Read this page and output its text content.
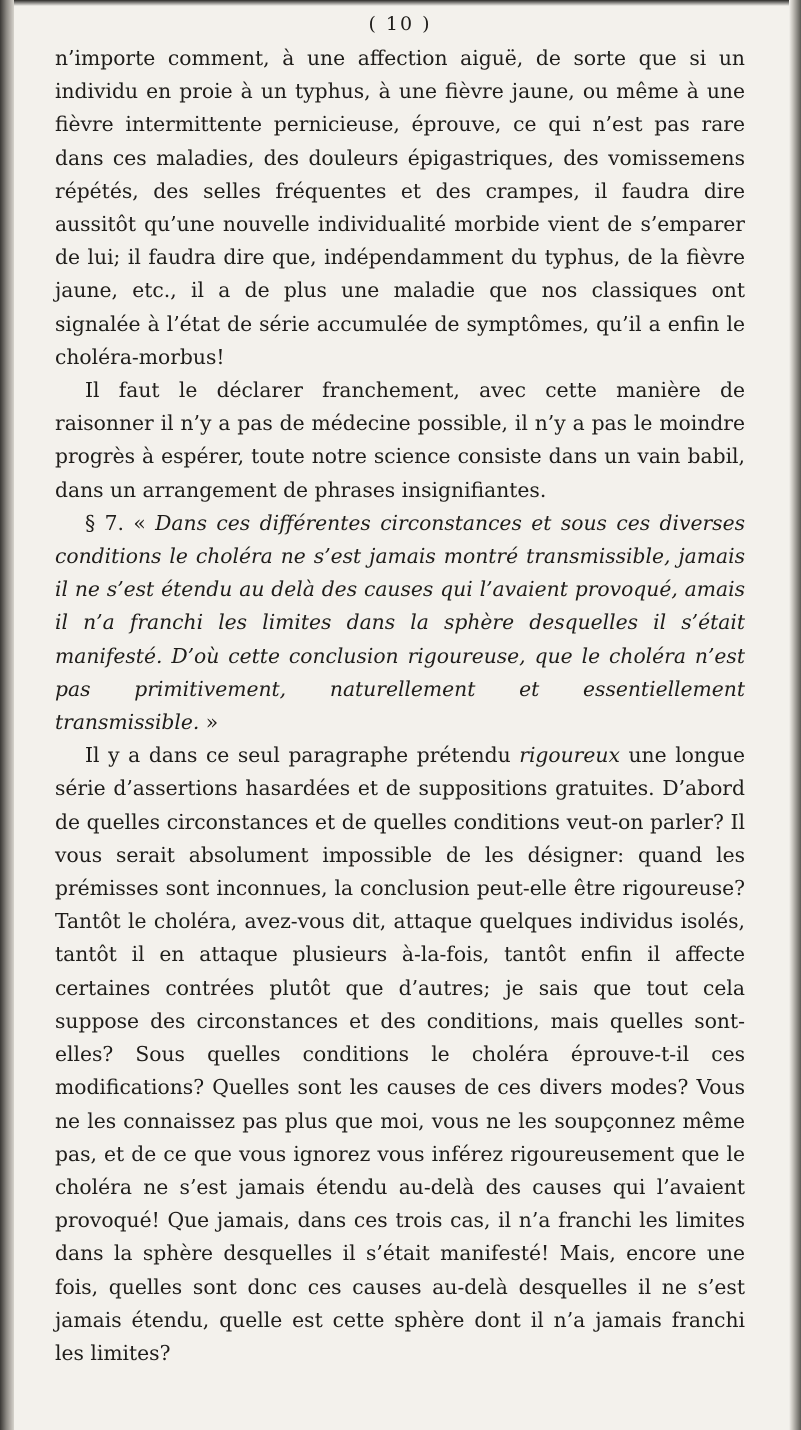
( 10 )

n’importe comment, à une affection aiguë, de sorte que si un individu en proie à un typhus, à une fièvre jaune, ou même à une fièvre intermittente pernicieuse, éprouve, ce qui n’est pas rare dans ces maladies, des douleurs épigastriques, des vomissemens répétés, des selles fréquentes et des crampes, il faudra dire aussitôt qu’une nouvelle individualité morbide vient de s’emparer de lui; il faudra dire que, indépendamment du typhus, de la fièvre jaune, etc., il a de plus une maladie que nos classiques ont signalée à l’état de série accumulée de symptômes, qu’il a enfin le choléra-morbus!

Il faut le déclarer franchement, avec cette manière de raisonner il n’y a pas de médecine possible, il n’y a pas le moindre progrès à espérer, toute notre science consiste dans un vain babil, dans un arrangement de phrases insignifiantes.

§ 7. « Dans ces différentes circonstances et sous ces diverses conditions le choléra ne s’est jamais montré transmissible, jamais il ne s’est étendu au delà des causes qui l’avaient provoqué, amais il n’a franchi les limites dans la sphère desquelles il s’était manifesté. D’où cette conclusion rigoureuse, que le choléra n’est pas primitivement, naturellement et essentiellement transmissible. »

Il y a dans ce seul paragraphe prétendu rigoureux une longue série d’assertions hasardées et de suppositions gratuites. D’abord de quelles circonstances et de quelles conditions veut-on parler? Il vous serait absolument impossible de les désigner: quand les prémisses sont inconnues, la conclusion peut-elle être rigoureuse? Tantôt le choléra, avez-vous dit, attaque quelques individus isolés, tantôt il en attaque plusieurs à-la-fois, tantôt enfin il affecte certaines contrées plutôt que d’autres; je sais que tout cela suppose des circonstances et des conditions, mais quelles sont-elles? Sous quelles conditions le choléra éprouve-t-il ces modifications? Quelles sont les causes de ces divers modes? Vous ne les connaissez pas plus que moi, vous ne les soupçonnez même pas, et de ce que vous ignorez vous inférez rigoureusement que le choléra ne s’est jamais étendu au-delà des causes qui l’avaient provoqué! Que jamais, dans ces trois cas, il n’a franchi les limites dans la sphère desquelles il s’était manifesté! Mais, encore une fois, quelles sont donc ces causes au-delà desquelles il ne s’est jamais étendu, quelle est cette sphère dont il n’a jamais franchi les limites?
